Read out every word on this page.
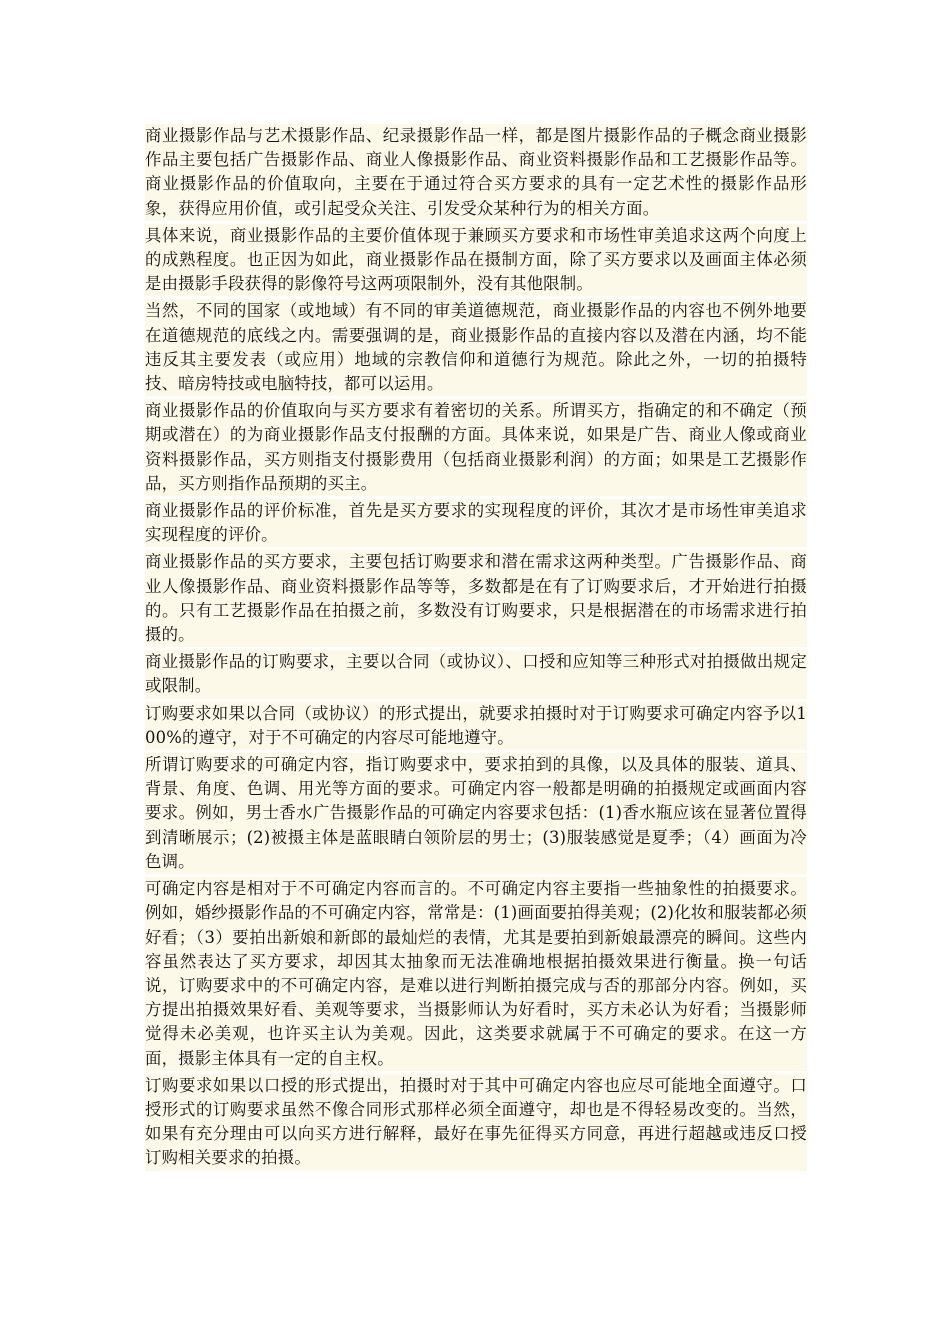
商业摄影作品与艺术摄影作品、纪录摄影作品一样，都是图片摄影作品的子概念商业摄影作品主要包括广告摄影作品、商业人像摄影作品、商业资料摄影作品和工艺摄影作品等。商业摄影作品的价值取向，主要在于通过符合买方要求的具有一定艺术性的摄影作品形象，获得应用价值，或引起受众关注、引发受众某种行为的相关方面。

具体来说，商业摄影作品的主要价值体现于兼顾买方要求和市场性审美追求这两个向度上的成熟程度。也正因为如此，商业摄影作品在摄制方面，除了买方要求以及画面主体必须是由摄影手段获得的影像符号这两项限制外，没有其他限制。

当然，不同的国家（或地域）有不同的审美道德规范，商业摄影作品的内容也不例外地要在道德规范的底线之内。需要强调的是，商业摄影作品的直接内容以及潜在内涵，均不能违反其主要发表（或应用）地域的宗教信仰和道德行为规范。除此之外，一切的拍摄特技、暗房特技或电脑特技，都可以运用。

商业摄影作品的价值取向与买方要求有着密切的关系。所谓买方，指确定的和不确定（预期或潜在）的为商业摄影作品支付报酬的方面。具体来说，如果是广告、商业人像或商业资料摄影作品，买方则指支付摄影费用（包括商业摄影利润）的方面；如果是工艺摄影作品，买方则指作品预期的买主。

商业摄影作品的评价标准，首先是买方要求的实现程度的评价，其次才是市场性审美追求实现程度的评价。

商业摄影作品的买方要求，主要包括订购要求和潜在需求这两种类型。广告摄影作品、商业人像摄影作品、商业资料摄影作品等等，多数都是在有了订购要求后，才开始进行拍摄的。只有工艺摄影作品在拍摄之前，多数没有订购要求，只是根据潜在的市场需求进行拍摄的。

商业摄影作品的订购要求，主要以合同（或协议）、口授和应知等三种形式对拍摄做出规定或限制。

订购要求如果以合同（或协议）的形式提出，就要求拍摄时对于订购要求可确定内容予以100%的遵守，对于不可确定的内容尽可能地遵守。

所谓订购要求的可确定内容，指订购要求中，要求拍到的具像，以及具体的服装、道具、背景、角度、色调、用光等方面的要求。可确定内容一般都是明确的拍摄规定或画面内容要求。例如，男士香水广告摄影作品的可确定内容要求包括：(1)香水瓶应该在显著位置得到清晰展示；(2)被摄主体是蓝眼睛白领阶层的男士；(3)服装感觉是夏季；（4）画面为冷色调。

可确定内容是相对于不可确定内容而言的。不可确定内容主要指一些抽象性的拍摄要求。例如，婚纱摄影作品的不可确定内容，常常是：(1)画面要拍得美观；(2)化妆和服装都必须好看；（3）要拍出新娘和新郎的最灿烂的表情，尤其是要拍到新娘最漂亮的瞬间。这些内容虽然表达了买方要求，却因其太抽象而无法准确地根据拍摄效果进行衡量。换一句话说，订购要求中的不可确定内容，是难以进行判断拍摄完成与否的那部分内容。例如，买方提出拍摄效果好看、美观等要求，当摄影师认为好看时，买方未必认为好看；当摄影师觉得未必美观，也许买主认为美观。因此，这类要求就属于不可确定的要求。在这一方面，摄影主体具有一定的自主权。

订购要求如果以口授的形式提出，拍摄时对于其中可确定内容也应尽可能地全面遵守。口授形式的订购要求虽然不像合同形式那样必须全面遵守，却也是不得轻易改变的。当然，如果有充分理由可以向买方进行解释，最好在事先征得买方同意，再进行超越或违反口授订购相关要求的拍摄。
